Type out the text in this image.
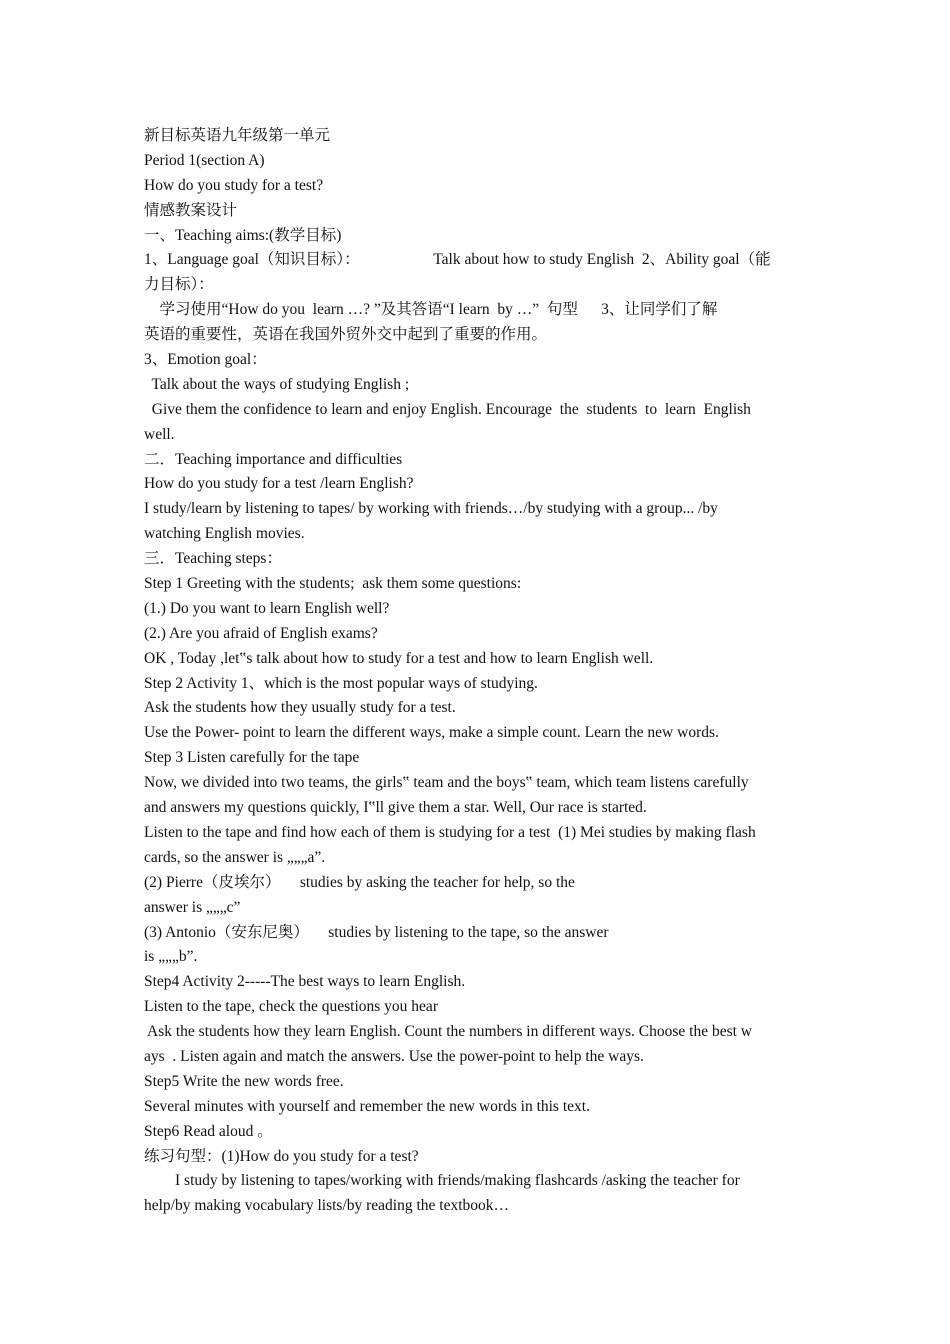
新目标英语九年级第一单元
Period 1(section A)
How do you study for a test?
情感教案设计
一、Teaching aims:(教学目标)
1、Language goal（知识目标）：                   Talk about how to study English  2、Ability goal（能
力目标）：
学习使用“How do you  learn …? ”及其答语“I learn  by …”  句型      3、让同学们了解
英语的重要性，英语在我国外贸外交中起到了重要的作用。
3、Emotion goal：
Talk about the ways of studying English ;
Give them the confidence to learn and enjoy English. Encourage  the  students  to  learn  English
well.
二．Teaching importance and difficulties
How do you study for a test /learn English?
I study/learn by listening to tapes/ by working with friends…/by studying with a group... /by
watching English movies.
三．Teaching steps：
Step 1 Greeting with the students;  ask them some questions:
(1.) Do you want to learn English well?
(2.) Are you afraid of English exams?
OK , Today ,let‟s talk about how to study for a test and how to learn English well.
Step 2 Activity 1、which is the most popular ways of studying.
Ask the students how they usually study for a test.
Use the Power- point to learn the different ways, make a simple count. Learn the new words.
Step 3 Listen carefully for the tape
Now, we divided into two teams, the girls‟ team and the boys‟ team, which team listens carefully
and answers my questions quickly, I‟ll give them a star. Well, Our race is started.
Listen to the tape and find how each of them is studying for a test  (1) Mei studies by making flash
cards, so the answer is „„„a”.
(2) Pierre（皮埃尔）     studies by asking the teacher for help, so the
answer is „„„c”
(3) Antonio（安东尼奥）     studies by listening to the tape, so the answer
is „„„b”.
Step4 Activity 2-----The best ways to learn English.
Listen to the tape, check the questions you hear
Ask the students how they learn English. Count the numbers in different ways. Choose the best w
ays  . Listen again and match the answers. Use the power-point to help the ways.
Step5 Write the new words free.
Several minutes with yourself and remember the new words in this text.
Step6 Read aloud 。
练习句型：(1)How do you study for a test?
I study by listening to tapes/working with friends/making flashcards /asking the teacher for
help/by making vocabulary lists/by reading the textbook…
